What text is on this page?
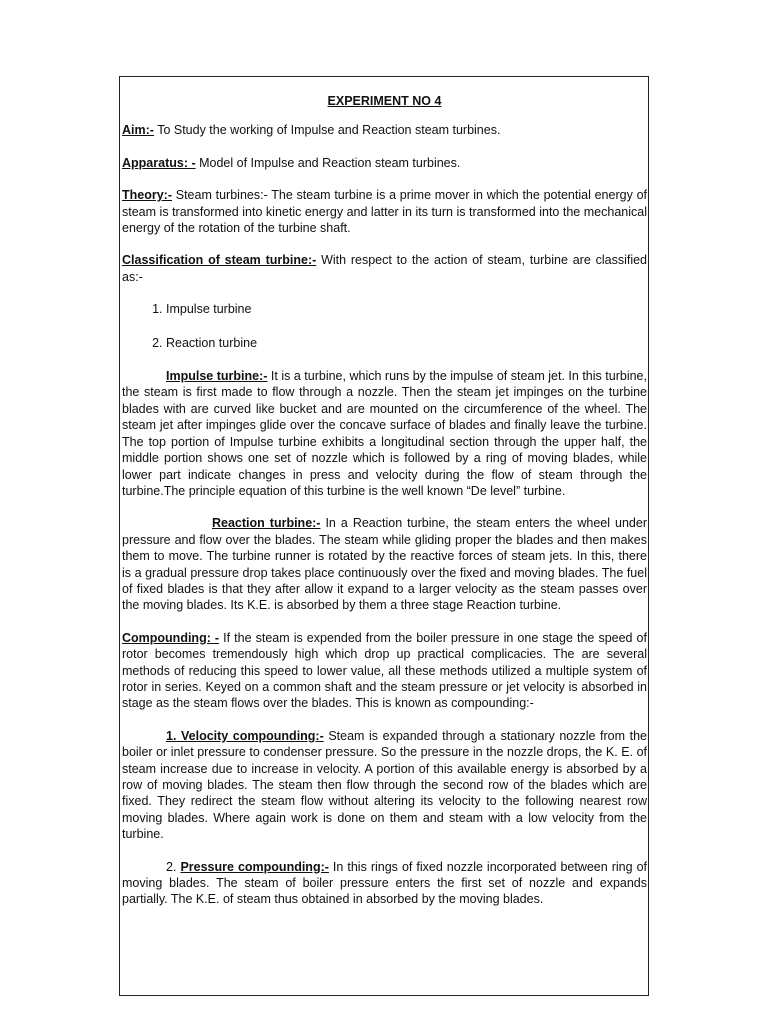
EXPERIMENT NO 4

Aim:- To Study the working of Impulse and Reaction steam turbines.

Apparatus: - Model of Impulse and Reaction steam turbines.

Theory:- Steam turbines:- The steam turbine is a prime mover in which the potential energy of steam is transformed into kinetic energy and latter in its turn is transformed into the mechanical energy of the rotation of the turbine shaft.

Classification of steam turbine:- With respect to the action of steam, turbine are classified as:-

1. Impulse turbine
2. Reaction turbine

Impulse turbine:- It is a turbine, which runs by the impulse of steam jet. In this turbine, the steam is first made to flow through a nozzle. Then the steam jet impinges on the turbine blades with are curved like bucket and are mounted on the circumference of the wheel. The steam jet after impinges glide over the concave surface of blades and finally leave the turbine. The top portion of Impulse turbine exhibits a longitudinal section through the upper half, the middle portion shows one set of nozzle which is followed by a ring of moving blades, while lower part indicate changes in press and velocity during the flow of steam through the turbine.The principle equation of this turbine is the well known “De level” turbine.

Reaction turbine:- In a Reaction turbine, the steam enters the wheel under pressure and flow over the blades. The steam while gliding proper the blades and then makes them to move. The turbine runner is rotated by the reactive forces of steam jets. In this, there is a gradual pressure drop takes place continuously over the fixed and moving blades. The fuel of fixed blades is that they after allow it expand to a larger velocity as the steam passes over the moving blades. Its K.E. is absorbed by them a three stage Reaction turbine.

Compounding: - If the steam is expended from the boiler pressure in one stage the speed of rotor becomes tremendously high which drop up practical complicacies. The are several methods of reducing this speed to lower value, all these methods utilized a multiple system of rotor in series. Keyed on a common shaft and the steam pressure or jet velocity is absorbed in stage as the steam flows over the blades. This is known as compounding:-

1. Velocity compounding:- Steam is expanded through a stationary nozzle from the boiler or inlet pressure to condenser pressure. So the pressure in the nozzle drops, the K. E. of steam increase due to increase in velocity. A portion of this available energy is absorbed by a row of moving blades. The steam then flow through the second row of the blades which are fixed. They redirect the steam flow without altering its velocity to the following nearest row moving blades. Where again work is done on them and steam with a low velocity from the turbine.

2. Pressure compounding:- In this rings of fixed nozzle incorporated between ring of moving blades. The steam of boiler pressure enters the first set of nozzle and expands partially. The K.E. of steam thus obtained in absorbed by the moving blades.
